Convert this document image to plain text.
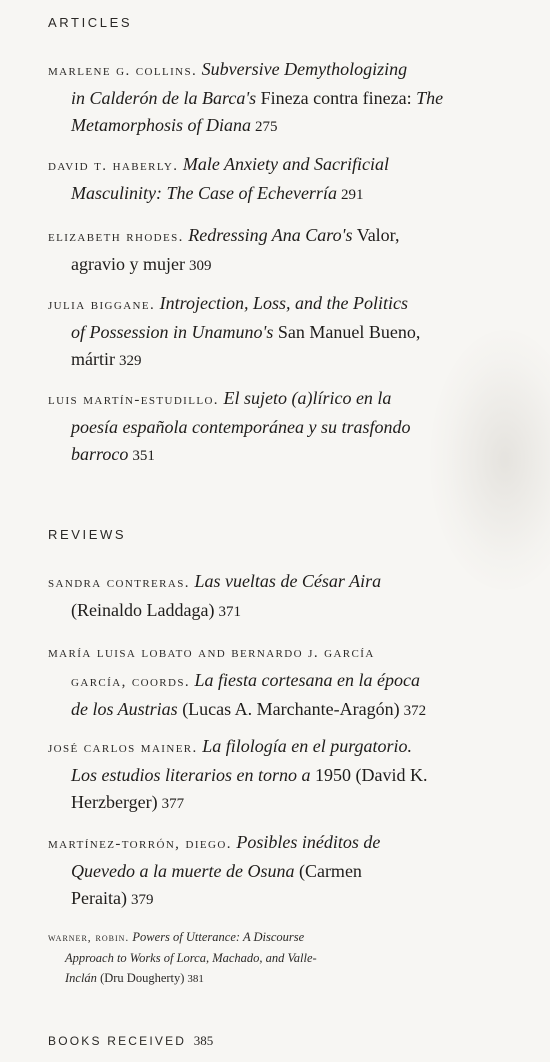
ARTICLES
marlene g. collins. Subversive Demythologizing
in Calderón de la Barca's Fineza contra fineza: The
Metamorphosis of Diana 275
david t. haberly. Male Anxiety and Sacrificial
Masculinity: The Case of Echeverría 291
elizabeth rhodes. Redressing Ana Caro's Valor,
agravio y mujer 309
julia biggane. Introjection, Loss, and the Politics
of Possession in Unamuno's San Manuel Bueno,
mártir 329
luis martín-estudillo. El sujeto (a)lírico en la
poesía española contemporánea y su trasfondo
barroco 351
REVIEWS
sandra contreras. Las vueltas de César Aira
(Reinaldo Laddaga) 371
maría luisa lobato and bernardo j. garcía
garcía, coords. La fiesta cortesana en la época
de los Austrias (Lucas A. Marchante-Aragón) 372
josé carlos mainer. La filología en el purgatorio.
Los estudios literarios en torno a 1950 (David K.
Herzberger) 377
martínez-torrón, diego. Posibles inéditos de
Quevedo a la muerte de Osuna (Carmen
Peraita) 379
warner, robin. Powers of Utterance: A Discourse
Approach to Works of Lorca, Machado, and Valle-
Inclán (Dru Dougherty) 381
BOOKS RECEIVED 385
